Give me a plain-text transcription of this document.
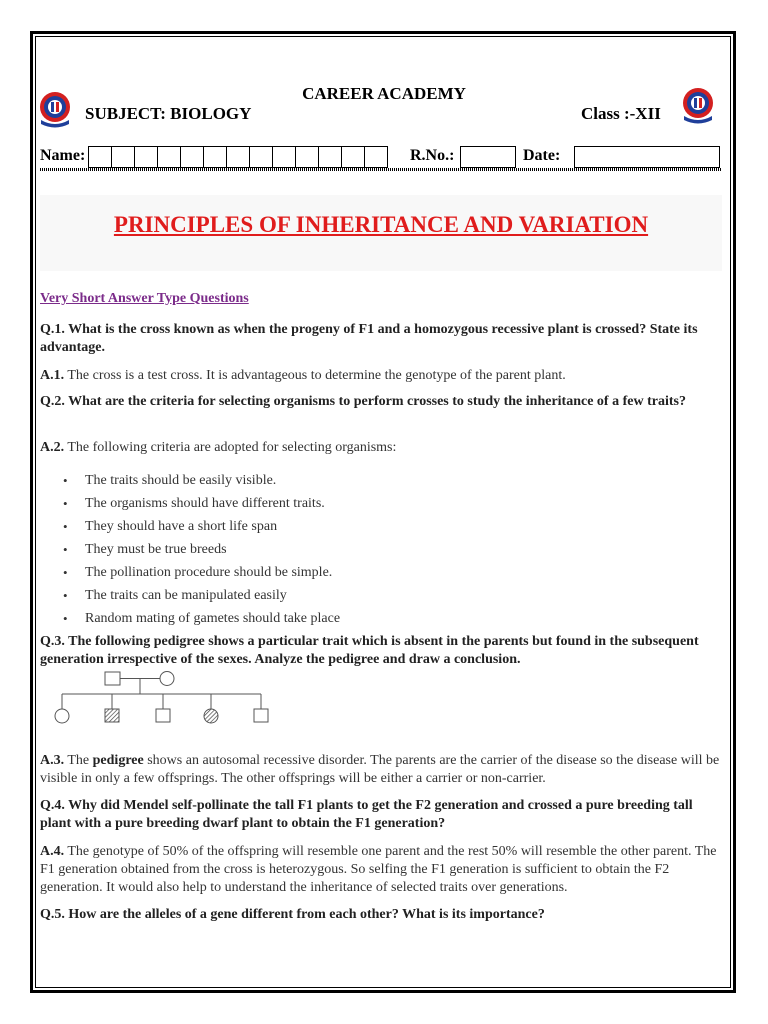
CAREER ACADEMY
SUBJECT: BIOLOGY	Class :-XII
Name:	R.No.:	Date:
PRINCIPLES OF INHERITANCE AND VARIATION
Very Short Answer Type Questions
Q.1. What is the cross known as when the progeny of F1 and a homozygous recessive plant is crossed? State its advantage.
A.1. The cross is a test cross. It is advantageous to determine the genotype of the parent plant.
Q.2. What are the criteria for selecting organisms to perform crosses to study the inheritance of a few traits?
A.2. The following criteria are adopted for selecting organisms:
• The traits should be easily visible.
• The organisms should have different traits.
• They should have a short life span
• They must be true breeds
• The pollination procedure should be simple.
• The traits can be manipulated easily
• Random mating of gametes should take place
Q.3. The following pedigree shows a particular trait which is absent in the parents but found in the subsequent generation irrespective of the sexes. Analyze the pedigree and draw a conclusion.
A.3. The pedigree shows an autosomal recessive disorder. The parents are the carrier of the disease so the disease will be visible in only a few offsprings. The other offsprings will be either a carrier or non-carrier.
Q.4. Why did Mendel self-pollinate the tall F1 plants to get the F2 generation and crossed a pure breeding tall plant with a pure breeding dwarf plant to obtain the F1 generation?
A.4. The genotype of 50% of the offspring will resemble one parent and the rest 50% will resemble the other parent. The F1 generation obtained from the cross is heterozygous. So selfing the F1 generation is sufficient to obtain the F2 generation. It would also help to understand the inheritance of selected traits over generations.
Q.5. How are the alleles of a gene different from each other? What is its importance?
